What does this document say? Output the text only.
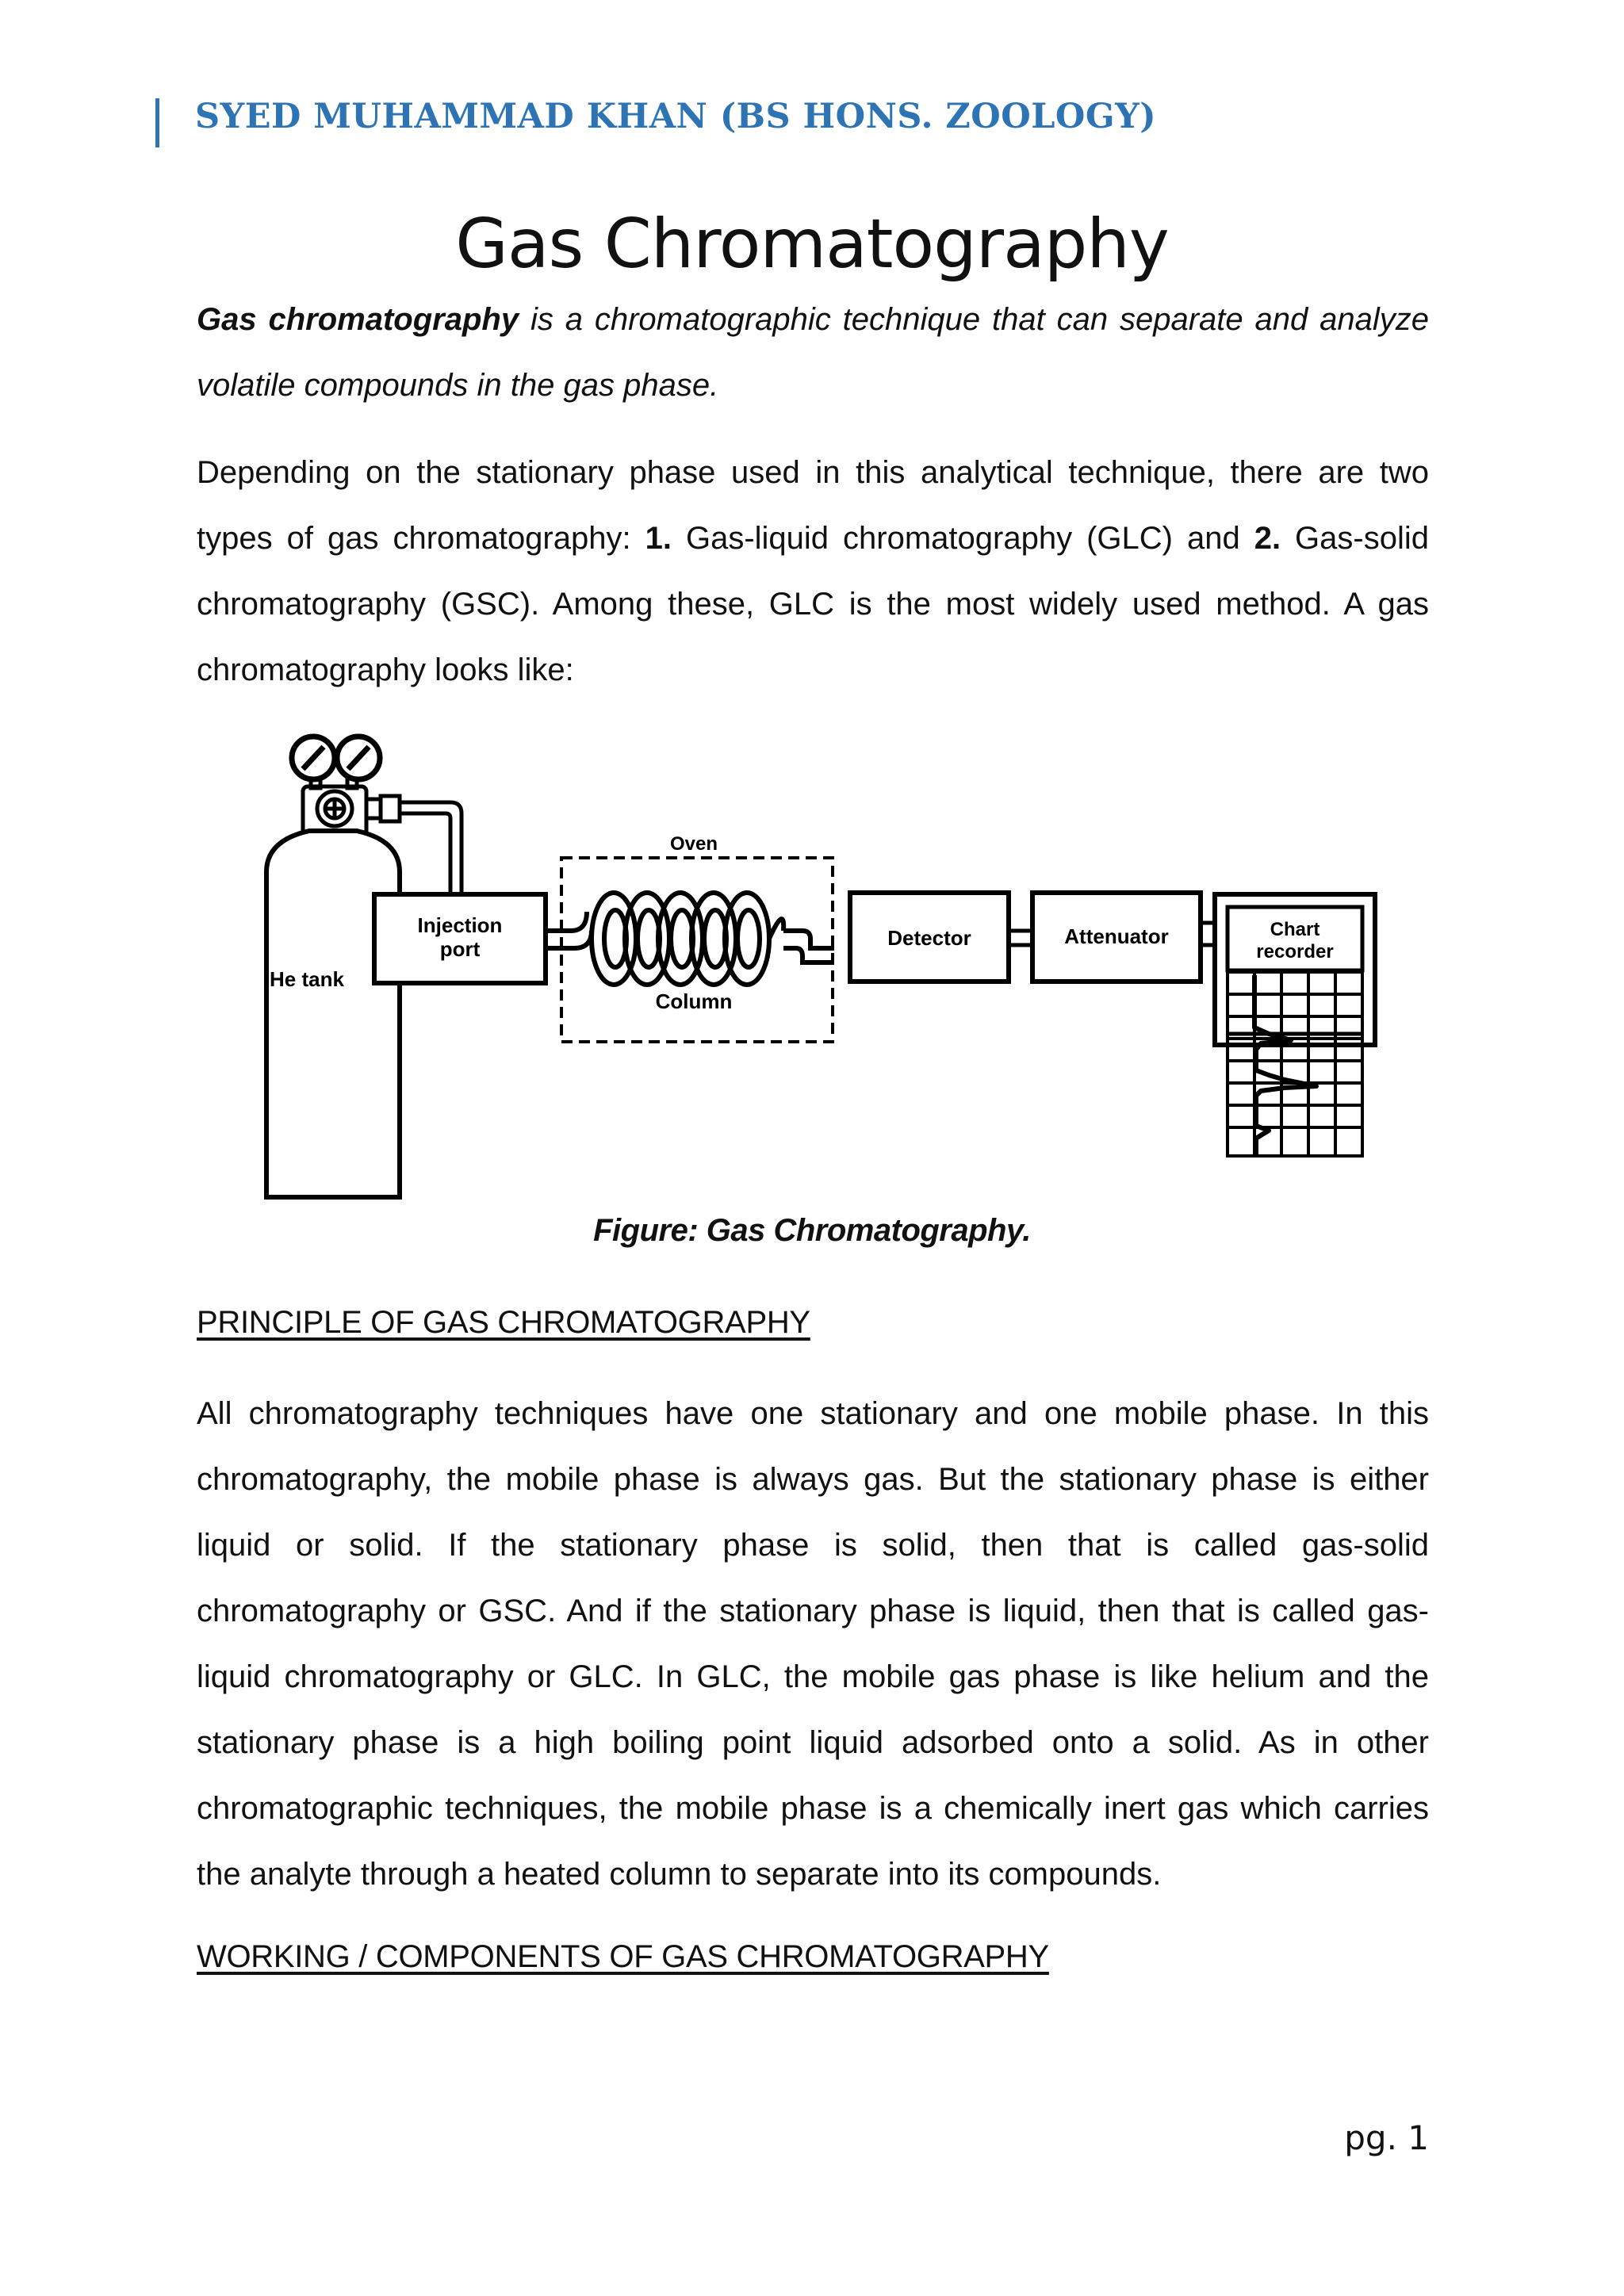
SYED MUHAMMAD KHAN (BS HONS. ZOOLOGY)
Gas Chromatography
Gas chromatography is a chromatographic technique that can separate and analyze
volatile compounds in the gas phase.
Depending on the stationary phase used in this analytical technique, there are two
types of gas chromatography: 1. Gas-liquid chromatography (GLC) and 2. Gas-solid
chromatography (GSC). Among these, GLC is the most widely used method. A gas
chromatography looks like:
He tank
Injection
port
Oven
Column
Detector	Attenuator	Chart
recorder
Figure: Gas Chromatography.
PRINCIPLE OF GAS CHROMATOGRAPHY
All chromatography techniques have one stationary and one mobile phase. In this
chromatography, the mobile phase is always gas. But the stationary phase is either
liquid or solid. If the stationary phase is solid, then that is called gas-solid
chromatography or GSC. And if the stationary phase is liquid, then that is called gas-
liquid chromatography or GLC. In GLC, the mobile gas phase is like helium and the
stationary phase is a high boiling point liquid adsorbed onto a solid. As in other
chromatographic techniques, the mobile phase is a chemically inert gas which carries
the analyte through a heated column to separate into its compounds.
WORKING / COMPONENTS OF GAS CHROMATOGRAPHY
pg. 1
